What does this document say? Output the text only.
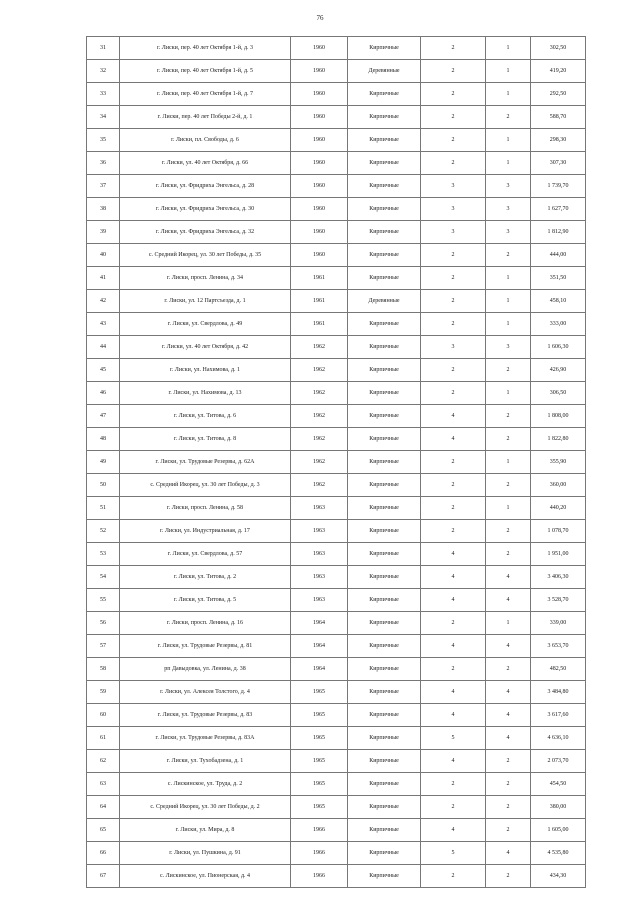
76
31	г. Лиски, пер. 40 лет Октября 1-й, д. 3	1960	Кирпичные	2	1	302,50
32	г. Лиски, пер. 40 лет Октября 1-й, д. 5	1960	Деревянные	2	1	419,20
33	г. Лиски, пер. 40 лет Октября 1-й, д. 7	1960	Кирпичные	2	1	292,50
34	г. Лиски, пер. 40 лет Победы 2-й, д. 1	1960	Кирпичные	2	2	588,70
35	г. Лиски, пл. Свободы, д. 6	1960	Кирпичные	2	1	298,30
36	г. Лиски, ул. 40 лет Октября, д. 66	1960	Кирпичные	2	1	307,30
37	г. Лиски, ул. Фридриха Энгельса, д. 28	1960	Кирпичные	3	3	1 739,70
38	г. Лиски, ул. Фридриха Энгельса, д. 30	1960	Кирпичные	3	3	1 627,70
39	г. Лиски, ул. Фридриха Энгельса, д. 32	1960	Кирпичные	3	3	1 812,90
40	с. Средний Икорец, ул. 30 лет Победы, д. 35	1960	Кирпичные	2	2	444,00
41	г. Лиски, просп. Ленина, д. 34	1961	Кирпичные	2	1	351,50
42	г. Лиски, ул. 12 Партсъезда, д. 1	1961	Деревянные	2	1	458,10
43	г. Лиски, ул. Свердлова, д. 49	1961	Кирпичные	2	1	333,00
44	г. Лиски, ул. 40 лет Октября, д. 42	1962	Кирпичные	3	3	1 606,30
45	г. Лиски, ул. Нахимова, д. 1	1962	Кирпичные	2	2	426,90
46	г. Лиски, ул. Нахимова, д. 13	1962	Кирпичные	2	1	306,50
47	г. Лиски, ул. Титова, д. 6	1962	Кирпичные	4	2	1 808,00
48	г. Лиски, ул. Титова, д. 8	1962	Кирпичные	4	2	1 822,80
49	г. Лиски, ул. Трудовые Резервы, д. 62А	1962	Кирпичные	2	1	355,90
50	с. Средний Икорец, ул. 30 лет Победы, д. 3	1962	Кирпичные	2	2	360,00
51	г. Лиски, просп. Ленина, д. 58	1963	Кирпичные	2	1	440,20
52	г. Лиски, ул. Индустриальная, д. 17	1963	Кирпичные	2	2	1 078,70
53	г. Лиски, ул. Свердлова, д. 57	1963	Кирпичные	4	2	1 951,00
54	г. Лиски, ул. Титова, д. 2	1963	Кирпичные	4	4	3 406,30
55	г. Лиски, ул. Титова, д. 5	1963	Кирпичные	4	4	3 528,70
56	г. Лиски, просп. Ленина, д. 16	1964	Кирпичные	2	1	339,00
57	г. Лиски, ул. Трудовые Резервы, д. 81	1964	Кирпичные	4	4	3 653,70
58	рп Давыдовка, ул. Ленина, д. 38	1964	Кирпичные	2	2	482,50
59	г. Лиски, ул. Алексея Толстого, д. 4	1965	Кирпичные	4	4	3 484,80
60	г. Лиски, ул. Трудовые Резервы, д. 83	1965	Кирпичные	4	4	3 617,60
61	г. Лиски, ул. Трудовые Резервы, д. 83А	1965	Кирпичные	5	4	4 636,10
62	г. Лиски, ул. Тухобадзена, д. 1	1965	Кирпичные	4	2	2 073,70
63	с. Лискинское, ул. Труда, д. 2	1965	Кирпичные	2	2	454,50
64	с. Средний Икорец, ул. 30 лет Победы, д. 2	1965	Кирпичные	2	2	380,00
65	г. Лиски, ул. Мира, д. 8	1966	Кирпичные	4	2	1 605,00
66	г. Лиски, ул. Пушкина, д. 91	1966	Кирпичные	5	4	4 535,80
67	с. Лискинское, ул. Пионерская, д. 4	1966	Кирпичные	2	2	434,30
